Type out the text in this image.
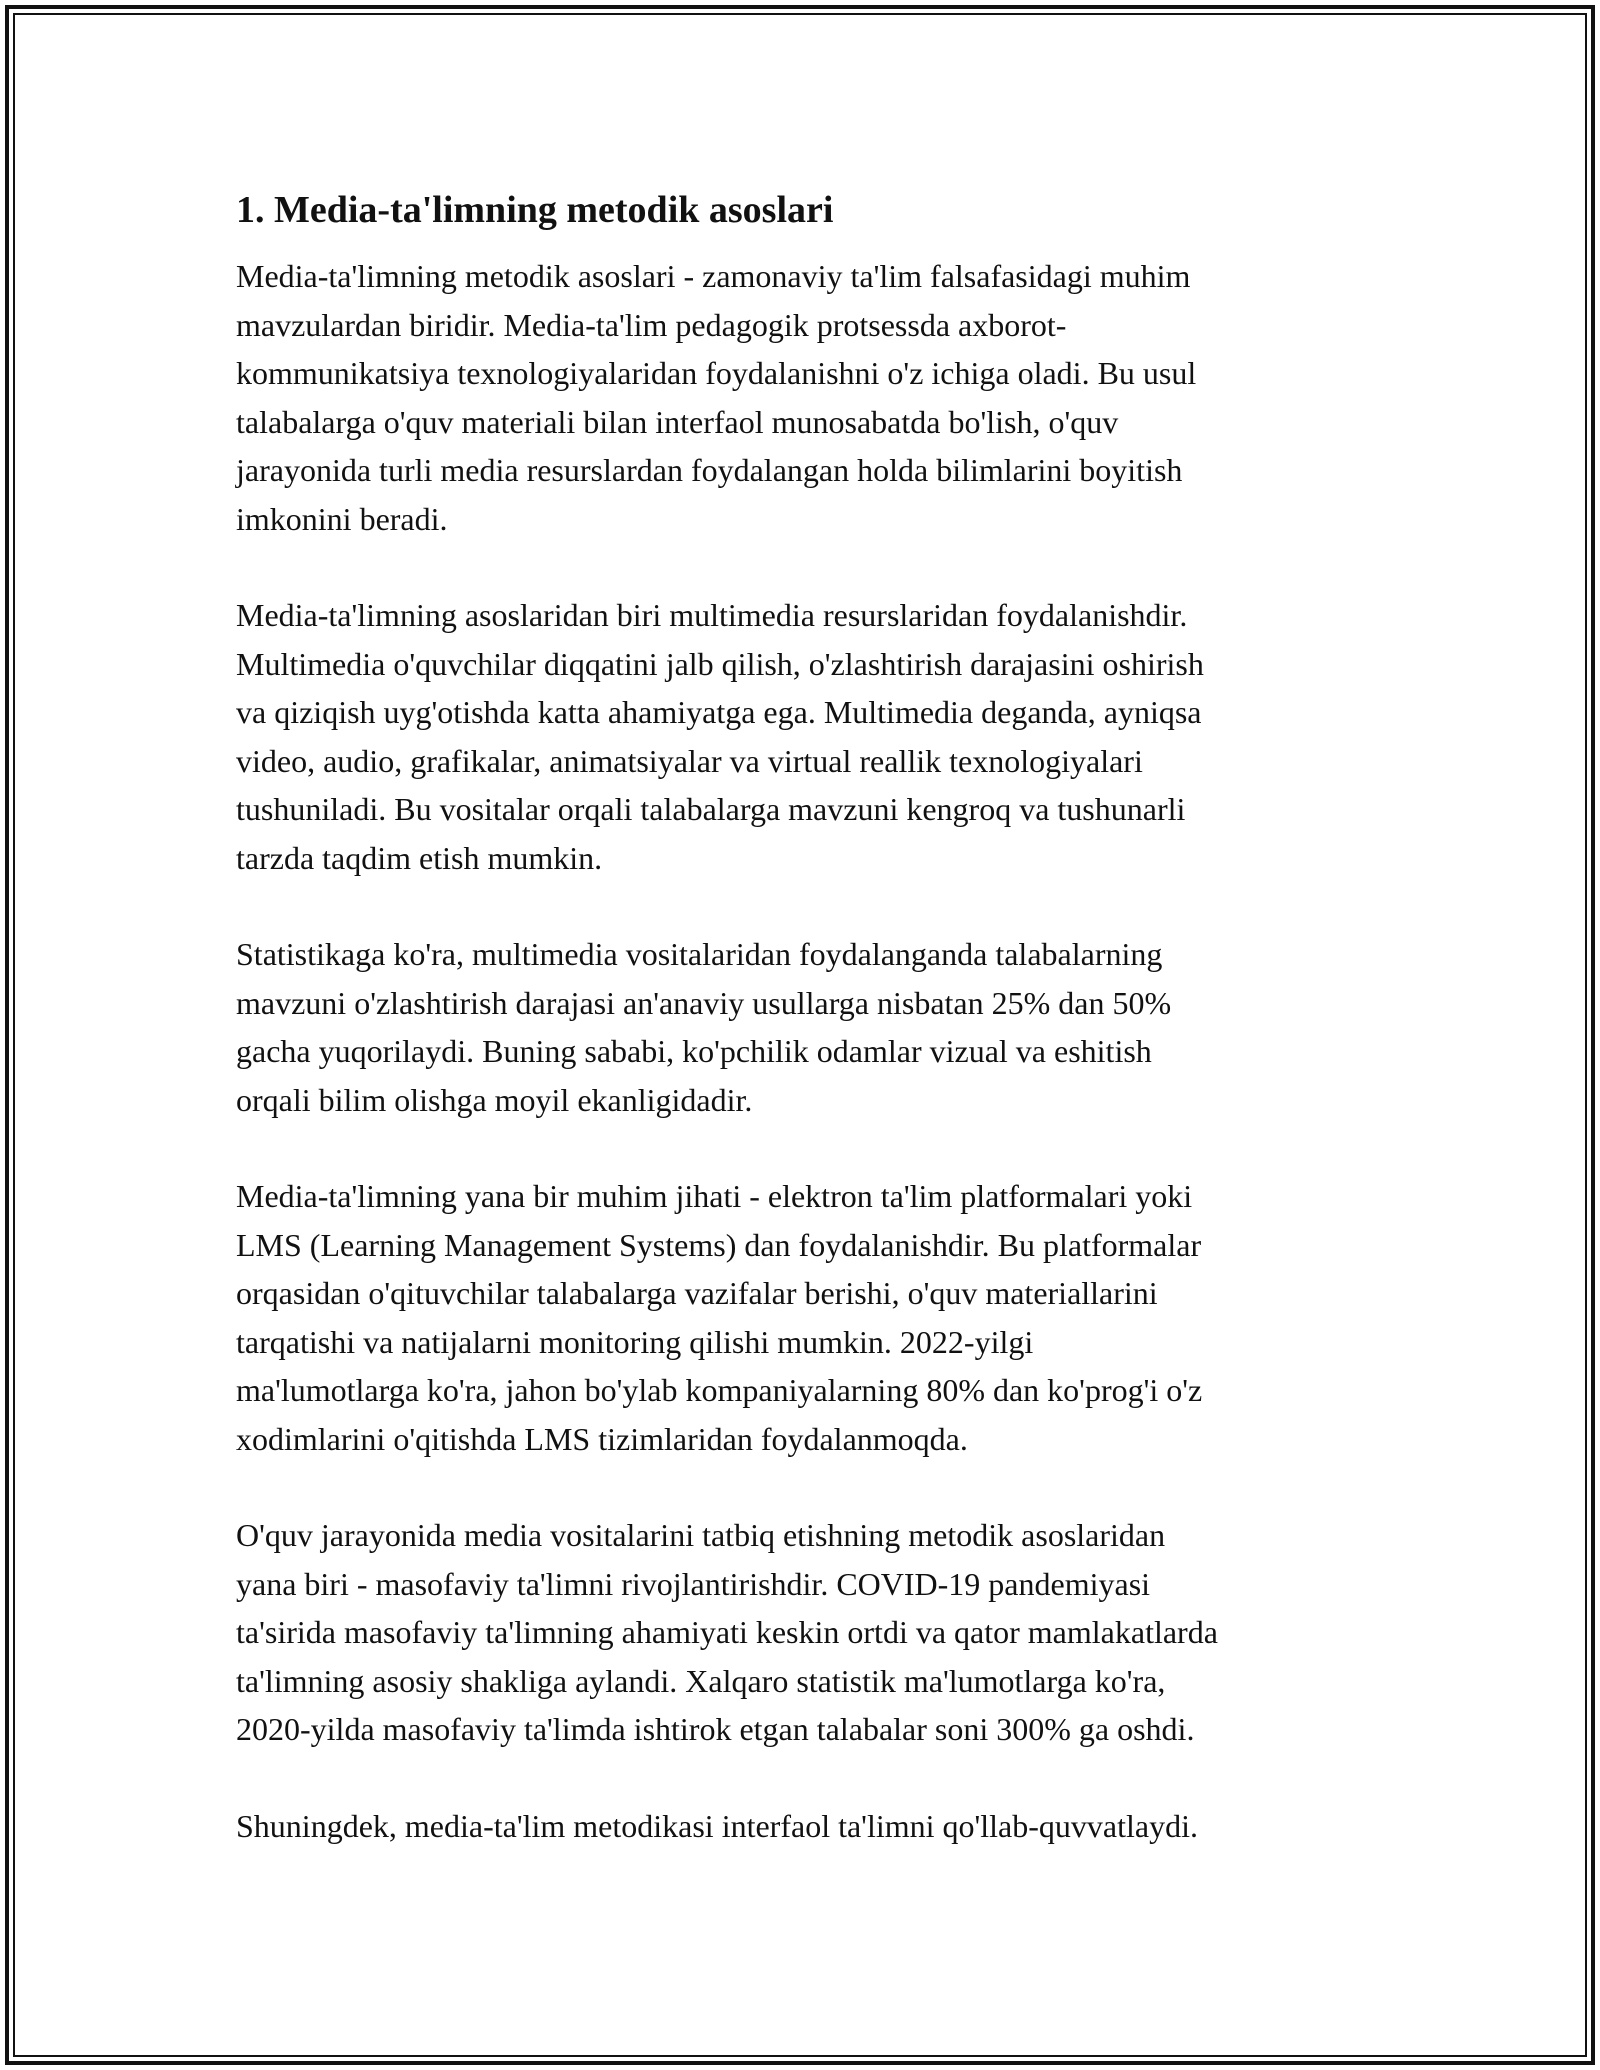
1. Media-ta'limning metodik asoslari

Media-ta'limning metodik asoslari - zamonaviy ta'lim falsafasidagi muhim
mavzulardan biridir. Media-ta'lim pedagogik protsessda axborot-
kommunikatsiya texnologiyalaridan foydalanishni o'z ichiga oladi. Bu usul
talabalarga o'quv materiali bilan interfaol munosabatda bo'lish, o'quv
jarayonida turli media resurslardan foydalangan holda bilimlarini boyitish
imkonini beradi.

Media-ta'limning asoslaridan biri multimedia resurslaridan foydalanishdir.
Multimedia o'quvchilar diqqatini jalb qilish, o'zlashtirish darajasini oshirish
va qiziqish uyg'otishda katta ahamiyatga ega. Multimedia deganda, ayniqsa
video, audio, grafikalar, animatsiyalar va virtual reallik texnologiyalari
tushuniladi. Bu vositalar orqali talabalarga mavzuni kengroq va tushunarli
tarzda taqdim etish mumkin.

Statistikaga ko'ra, multimedia vositalaridan foydalanganda talabalarning
mavzuni o'zlashtirish darajasi an'anaviy usullarga nisbatan 25% dan 50%
gacha yuqorilaydi. Buning sababi, ko'pchilik odamlar vizual va eshitish
orqali bilim olishga moyil ekanligidadir.

Media-ta'limning yana bir muhim jihati - elektron ta'lim platformalari yoki
LMS (Learning Management Systems) dan foydalanishdir. Bu platformalar
orqasidan o'qituvchilar talabalarga vazifalar berishi, o'quv materiallarini
tarqatishi va natijalarni monitoring qilishi mumkin. 2022-yilgi
ma'lumotlarga ko'ra, jahon bo'ylab kompaniyalarning 80% dan ko'prog'i o'z
xodimlarini o'qitishda LMS tizimlaridan foydalanmoqda.

O'quv jarayonida media vositalarini tatbiq etishning metodik asoslaridan
yana biri - masofaviy ta'limni rivojlantirishdir. COVID-19 pandemiyasi
ta'sirida masofaviy ta'limning ahamiyati keskin ortdi va qator mamlakatlarda
ta'limning asosiy shakliga aylandi. Xalqaro statistik ma'lumotlarga ko'ra,
2020-yilda masofaviy ta'limda ishtirok etgan talabalar soni 300% ga oshdi.

Shuningdek, media-ta'lim metodikasi interfaol ta'limni qo'llab-quvvatlaydi.
